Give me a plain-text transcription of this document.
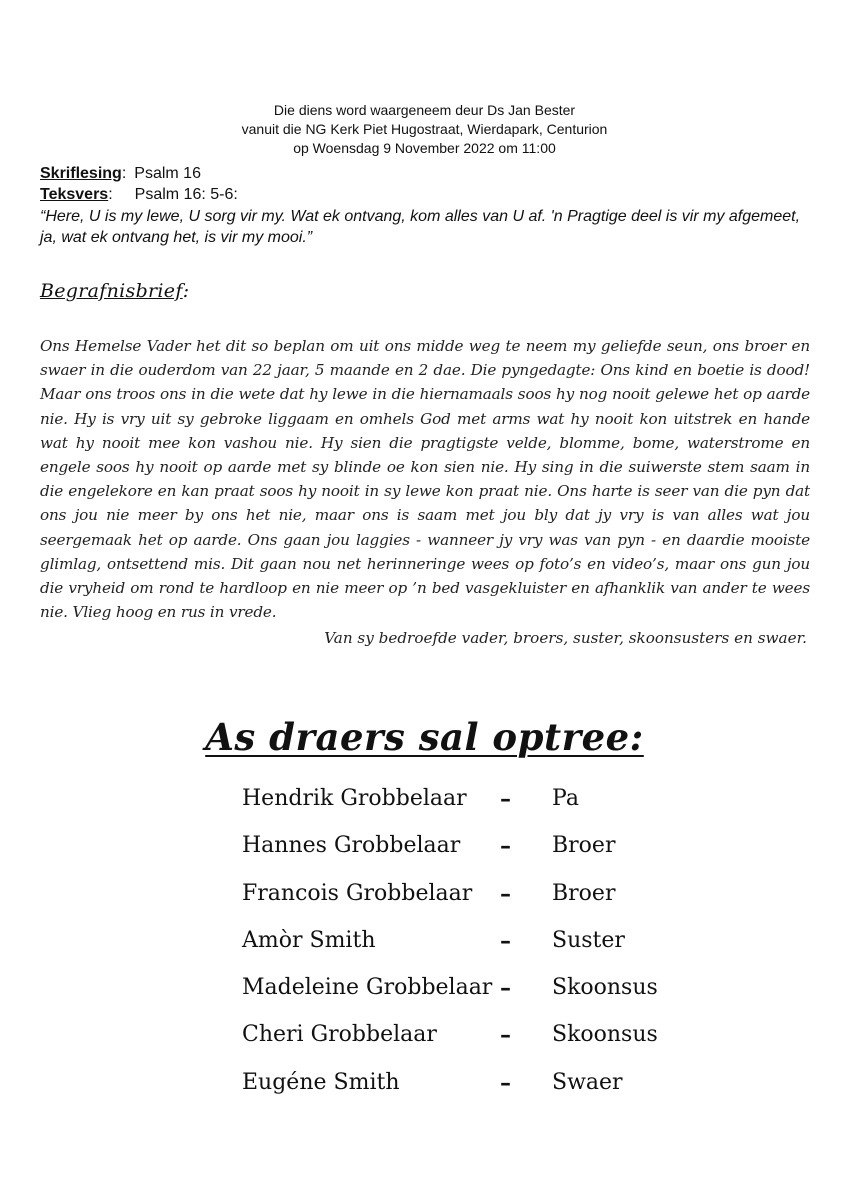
Die diens word waargeneem deur Ds Jan Bester
vanuit die NG Kerk Piet Hugostraat, Wierdapark, Centurion
op Woensdag 9 November 2022 om 11:00
Skriflesing: Psalm 16
Teksvers: Psalm 16: 5-6:
“Here, U is my lewe, U sorg vir my. Wat ek ontvang, kom alles van U af. 'n Pragtige deel is vir my afgemeet, ja, wat ek ontvang het, is vir my mooi.”
Begrafnisbrief:
Ons Hemelse Vader het dit so beplan om uit ons midde weg te neem my geliefde seun, ons broer en swaer in die ouderdom van 22 jaar, 5 maande en 2 dae. Die pyngedagte: Ons kind en boetie is dood! Maar ons troos ons in die wete dat hy lewe in die hiernamaals soos hy nog nooit gelewe het op aarde nie. Hy is vry uit sy gebroke liggaam en omhels God met arms wat hy nooit kon uitstrek en hande wat hy nooit mee kon vashou nie. Hy sien die pragtigste velde, blomme, bome, waterstrome en engele soos hy nooit op aarde met sy blinde oe kon sien nie. Hy sing in die suiwerste stem saam in die engelekore en kan praat soos hy nooit in sy lewe kon praat nie. Ons harte is seer van die pyn dat ons jou nie meer by ons het nie, maar ons is saam met jou bly dat jy vry is van alles wat jou seergemaak het op aarde. Ons gaan jou laggies - wanneer jy vry was van pyn - en daardie mooiste glimlag, ontsettend mis. Dit gaan nou net herinneringe wees op foto’s en video’s, maar ons gun jou die vryheid om rond te hardloop en nie meer op ’n bed vasgekluister en afhanklik van ander te wees nie. Vlieg hoog en rus in vrede.
Van sy bedroefde vader, broers, suster, skoonsusters en swaer.
As draers sal optree:
Hendrik Grobbelaar – Pa
Hannes Grobbelaar – Broer
Francois Grobbelaar – Broer
Amòr Smith	– Suster
Madeleine Grobbelaar – Skoonsus
Cheri Grobbelaar	– Skoonsus
Eugéne Smith	– Swaer
